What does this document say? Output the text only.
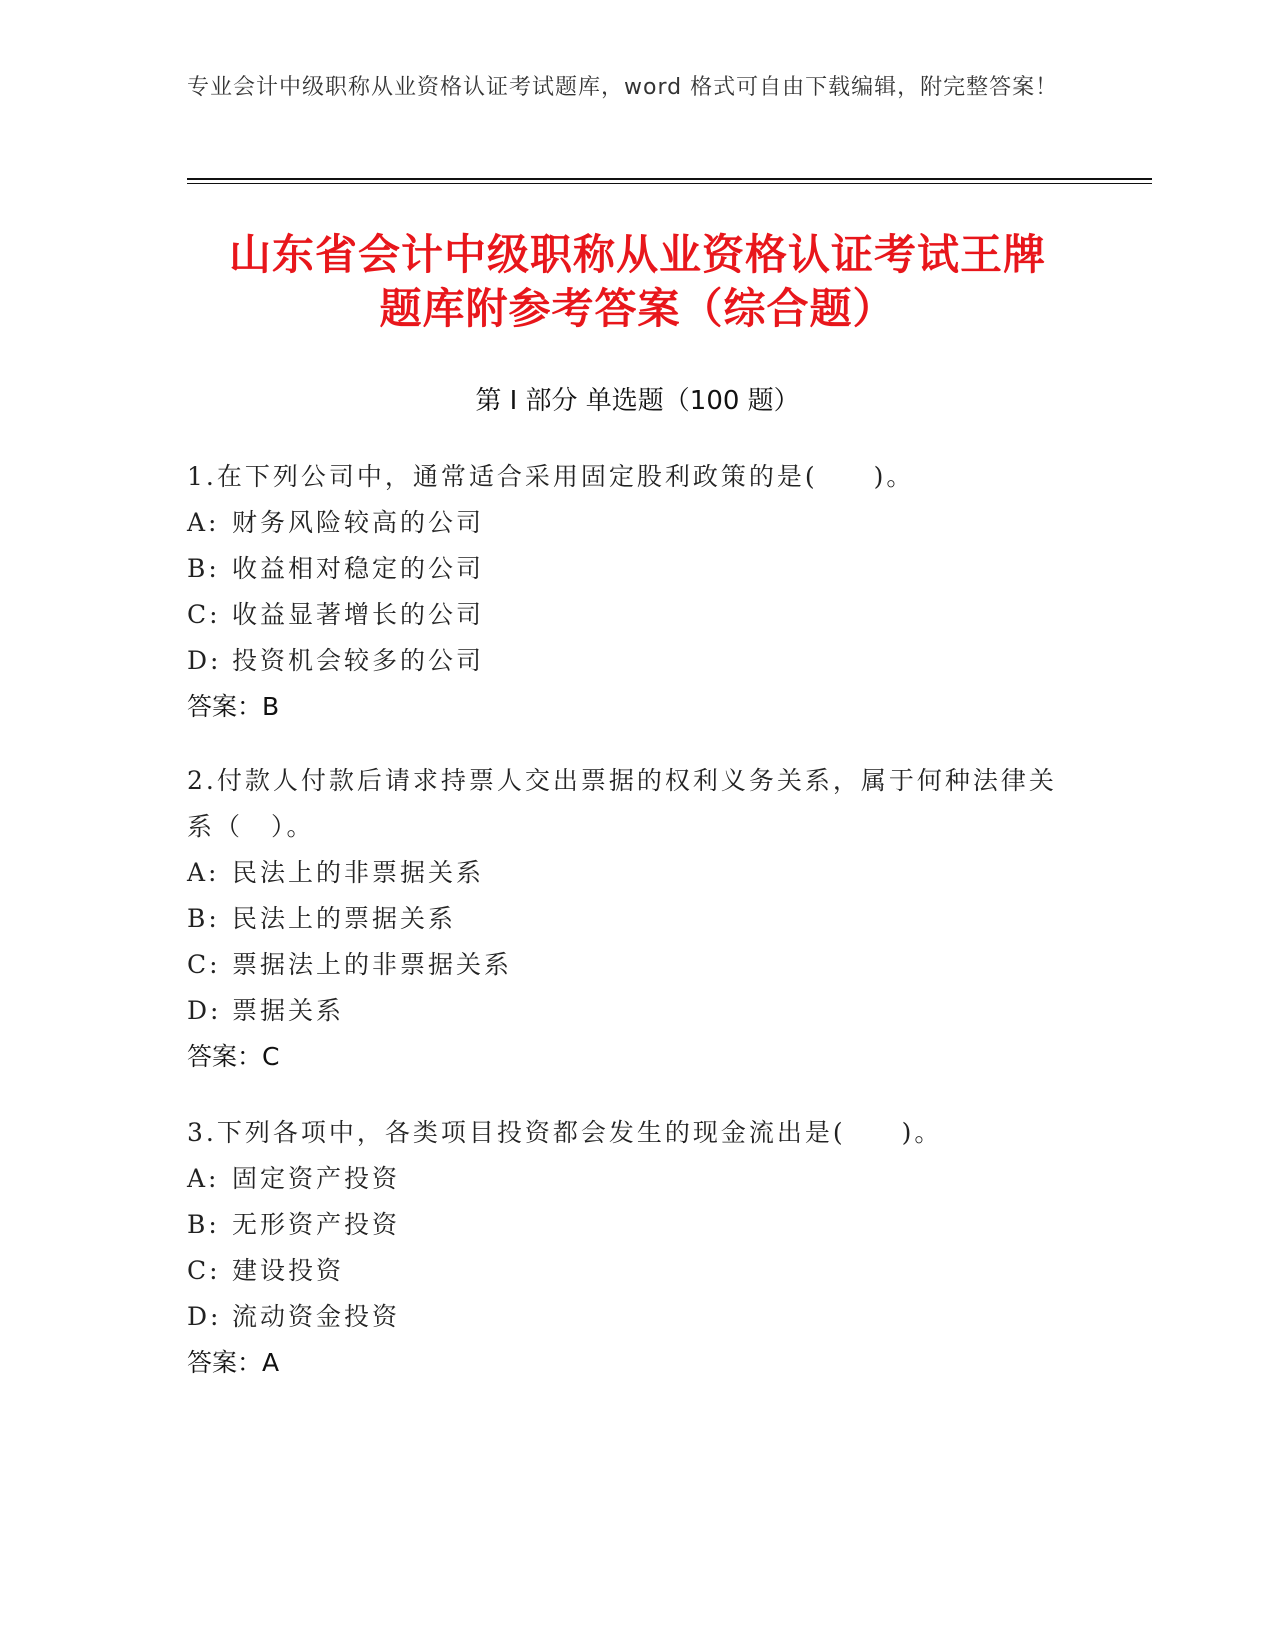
专业会计中级职称从业资格认证考试题库，word 格式可自由下载编辑，附完整答案！
山东省会计中级职称从业资格认证考试王牌
题库附参考答案（综合题）
第 I 部分 单选题（100 题）
1.在下列公司中，通常适合采用固定股利政策的是(　　)。
A: 财务风险较高的公司
B: 收益相对稳定的公司
C: 收益显著增长的公司
D: 投资机会较多的公司
答案：B
2.付款人付款后请求持票人交出票据的权利义务关系，属于何种法律关系（　）。
A: 民法上的非票据关系
B: 民法上的票据关系
C: 票据法上的非票据关系
D: 票据关系
答案：C
3.下列各项中，各类项目投资都会发生的现金流出是(　　)。
A: 固定资产投资
B: 无形资产投资
C: 建设投资
D: 流动资金投资
答案：A
